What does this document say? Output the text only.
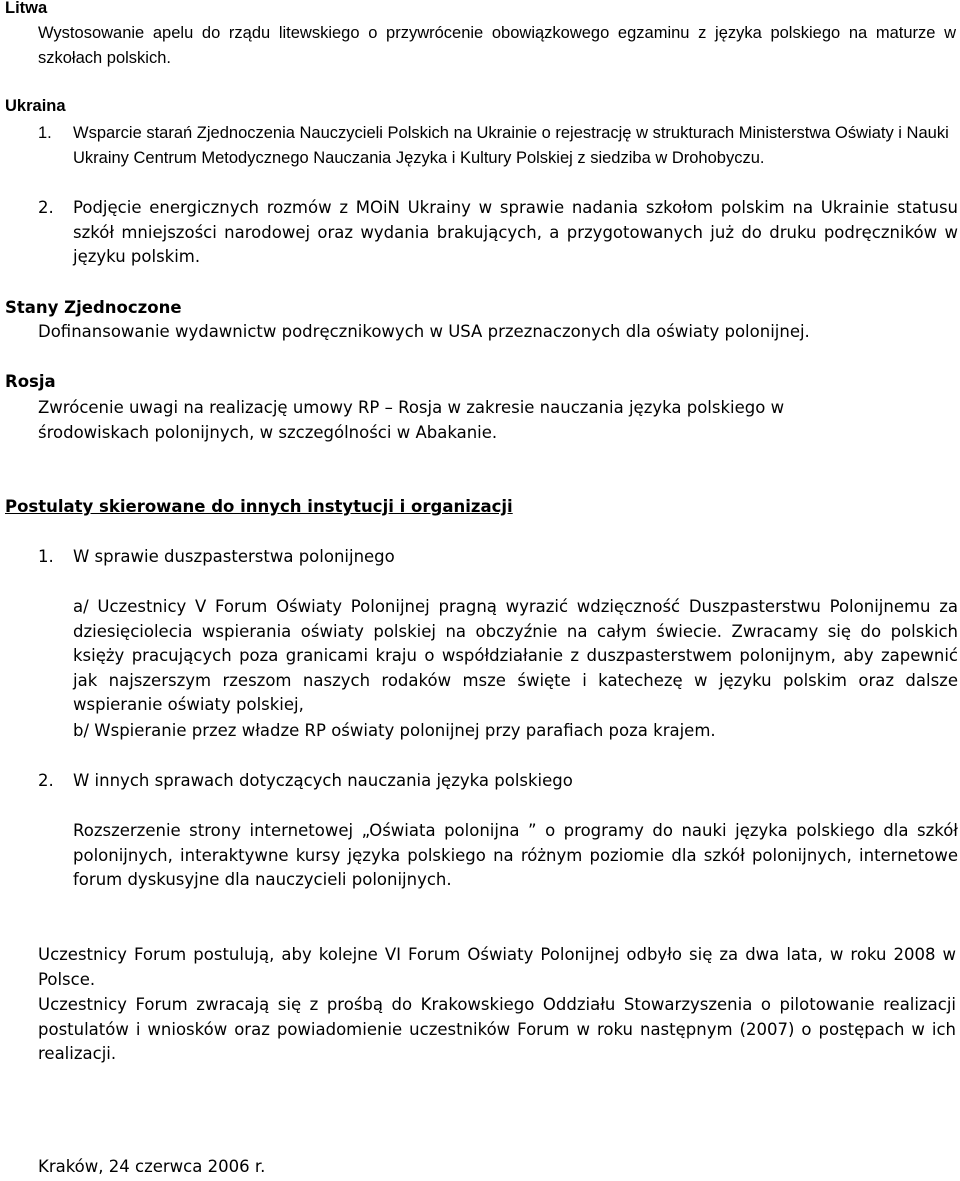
Litwa
Wystosowanie apelu do rządu litewskiego o przywrócenie obowiązkowego egzaminu z języka polskiego na maturze w szkołach polskich.
Ukraina
1. Wsparcie starań Zjednoczenia Nauczycieli Polskich na Ukrainie o rejestrację w strukturach Ministerstwa Oświaty i Nauki Ukrainy Centrum Metodycznego Nauczania Języka i Kultury Polskiej z siedziba w Drohobyczu.
2. Podjęcie energicznych rozmów z MOiN Ukrainy w sprawie nadania szkołom polskim na Ukrainie statusu szkół mniejszości narodowej oraz wydania brakujących, a przygotowanych już do druku podręczników w języku polskim.
Stany Zjednoczone
Dofinansowanie wydawnictw podręcznikowych w USA przeznaczonych dla oświaty polonijnej.
Rosja
Zwrócenie uwagi na realizację umowy RP – Rosja w zakresie nauczania języka polskiego w środowiskach polonijnych, w szczególności w Abakanie.
Postulaty skierowane do innych instytucji i organizacji
1. W sprawie duszpasterstwa polonijnego
a/ Uczestnicy V Forum Oświaty Polonijnej pragną wyrazić wdzięczność Duszpasterstwu Polonijnemu za dziesięciolecia wspierania oświaty polskiej na obczyźnie na całym świecie. Zwracamy się do polskich księży pracujących poza granicami kraju o współdziałanie z duszpasterstwem polonijnym, aby zapewnić jak najszerszym rzeszom naszych rodaków msze święte i katechezę w języku polskim oraz dalsze wspieranie oświaty polskiej,
b/ Wspieranie przez władze RP oświaty polonijnej przy parafiach poza krajem.
2. W innych sprawach dotyczących nauczania języka polskiego
Rozszerzenie strony internetowej „Oświata polonijna ” o programy do nauki języka polskiego dla szkół polonijnych, interaktywne kursy języka polskiego na różnym poziomie dla szkół polonijnych, internetowe forum dyskusyjne dla nauczycieli polonijnych.
Uczestnicy Forum postulują, aby kolejne VI Forum Oświaty Polonijnej odbyło się za dwa lata, w roku 2008 w Polsce.
Uczestnicy Forum zwracają się z prośbą do Krakowskiego Oddziału Stowarzyszenia o pilotowanie realizacji postulatów i wniosków oraz powiadomienie uczestników Forum w roku następnym (2007) o postępach w ich realizacji.
Kraków, 24 czerwca 2006 r.
